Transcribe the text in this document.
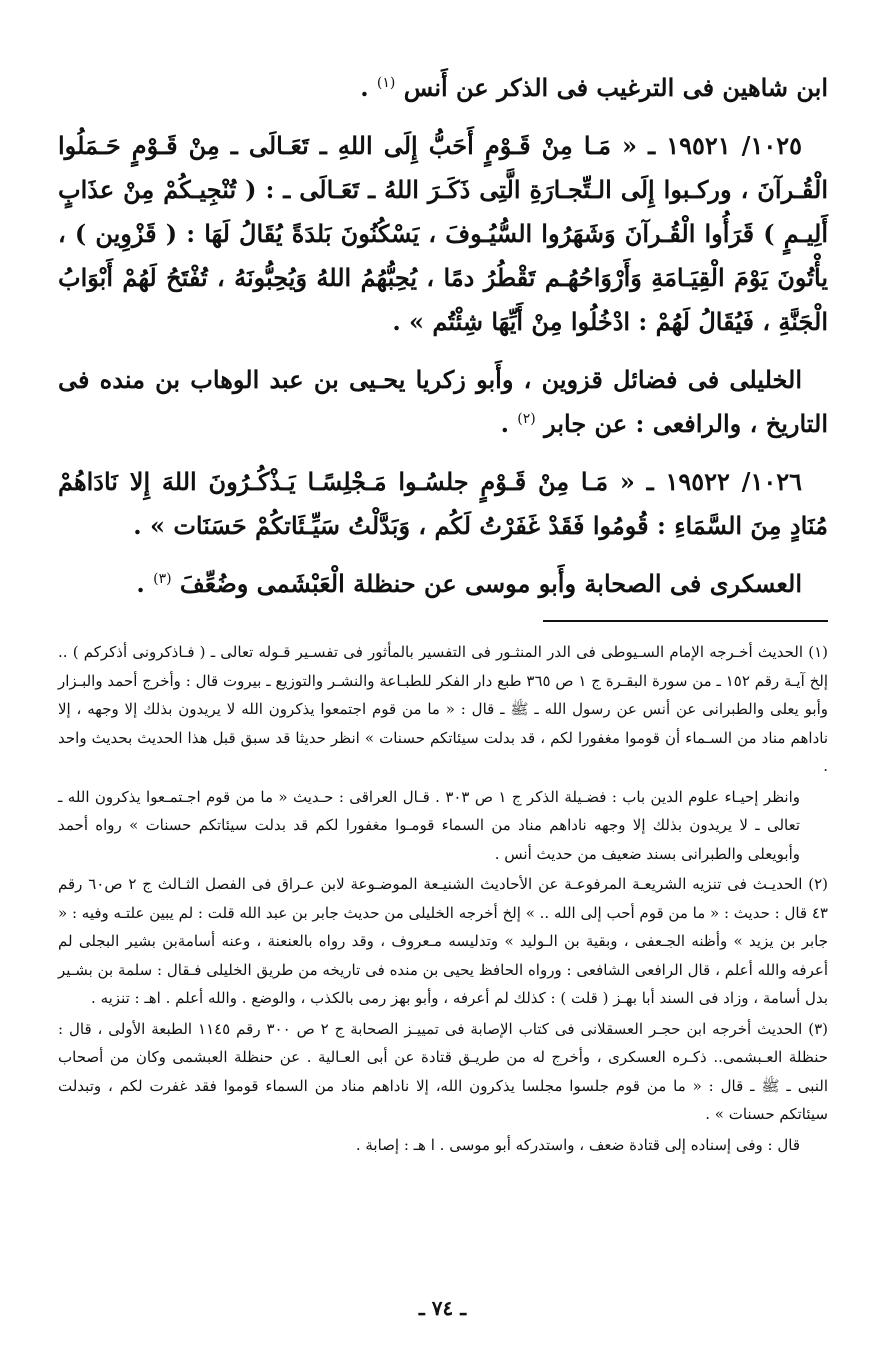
ابن شاهين فى الترغيب فى الذكر عن أَنس $^{(١)}$ .

١٠٢٥/ ١٩٥٢١ ـ « مَـا مِنْ قَـوْمٍ أَحَبُّ إِلَى اللهِ ـ تَعَـالَى ـ مِنْ قَـوْمٍ حَـمَلُوا الْقُـرآنَ ، وركـبوا إِلَى الـتِّجـارَةِ الَّتِى ذَكَـرَ اللهُ ـ تَعَـالَى ـ : ( تُنْجِيـكُمْ مِنْ عذَابٍ أَلِيـمٍ ) قَرَأُوا الْقُـرآنَ وَشَهَرُوا السُّيُـوفَ ، يَسْكُنُونَ بَلدَةً يُقَالُ لَهَا : ( قَزْوِين ) ، يأْتُونَ يَوْمَ الْقِيَـامَةِ وَأَرْوَاحُهُـم تَقْطُرُ دمًا ، يُحِبُّهُمُ اللهُ وَيُحِبُّونَهُ ، تُفْتَحُ لَهُمْ أَبْوَابُ الْجَنَّةِ ، فَيُقَالُ لَهُمْ : ادْخُلُوا مِنْ أَيِّهَا شِئْتُم » .

الخليلى فى فضائل قزوين ، وأَبو زكريا يحـيى بن عبد الوهاب بن منده فى التاريخ ، والرافعى : عن جابر $^{(٢)}$ .

١٠٢٦/ ١٩٥٢٢ ـ « مَـا مِنْ قَـوْمٍ جلسُـوا مَـجْلِسًـا يَـذْكُـرُونَ اللهَ إِلا نَادَاهُمْ مُنَادٍ مِنَ السَّمَاءِ : قُومُوا فَقَدْ غَفَرْتُ لَكُم ، وَبَدَّلْتُ سَيِّـئَاتكُمْ حَسَنَات » .

العسكرى فى الصحابة وأَبو موسى عن حنظلة الْعَبْشَمى وضُعِّفَ $^{(٣)}$ .

(١) الحديث أخـرجه الإمام السـيوطى فى الدر المنثـور فى التفسير بالمأثور فى تفسـير قـوله تعالى ـ ( فـاذكرونى أذكركم ) .. إلخ آيـة رقم ١٥٢ ـ من سورة البقـرة ج ١ ص ٣٦٥ طبع دار الفكر للطبـاعة والنشـر والتوزيع ـ بيروت قال : وأخرج أحمد والبـزار وأبو يعلى والطبرانى عن أنس عن رسول الله ـ ﷺ ـ قال : « ما من قوم اجتمعوا يذكرون الله لا يريدون بذلك إلا وجهه ، إلا ناداهم مناد من السـماء أن قوموا مغفورا لكم ، قد بدلت سيئاتكم حسنات » انظر حديثا قد سبق قبل هذا الحديث بحديث واحد .

وانظر إحيـاء علوم الدين باب : فضـيلة الذكر ج ١ ص ٣٠٣ . قـال العراقى : حـديث « ما من قوم اجـتمـعوا يذكرون الله ـ تعالى ـ لا يريدون بذلك إلا وجهه ناداهم مناد من السماء قومـوا مغفورا لكم قد بدلت سيئاتكم حسنات » رواه أحمد وأبويعلى والطبرانى بسند ضعيف من حديث أنس .

(٢) الحديـث فى تنزيه الشريعـة المرفوعـة عن الأحاديث الشنيـعة الموضـوعة لابن عـراق فى الفصل الثـالث ج ٢ ص٦٠ رقم ٤٣ قال : حديث : « ما من قوم أحب إلى الله .. » إلخ أخرجه الخليلى من حديث جابر بن عبد الله قلت : لم يبين علتـه وفيه : « جابر بن يزيد » وأظنه الجـعفى ، وبقية بن الـوليد » وتدليسه مـعروف ، وقد رواه بالعنعنة ، وعنه أسامةبن بشير البجلى لم أعرفه والله أعلم ، قال الرافعى الشافعى : ورواه الحافظ يحيى بن منده فى تاريخه من طريق الخليلى فـقال : سلمة بن بشـير بدل أسامة ، وزاد فى السند أبا بهـز ( قلت ) : كذلك لم أعرفه ، وأبو بهز رمى بالكذب ، والوضع . والله أعلم . اهـ : تنزيه .

(٣) الحديث أخرجه ابن حجـر العسقلانى فى كتاب الإصابة فى تمييـز الصحابة ج ٢ ص ٣٠٠ رقم ١١٤٥ الطبعة الأولى ، قال : حنظلة العـبشمى.. ذكـره العسكرى ، وأخرج له من طريـق قتادة عن أبى العـالية . عن حنظلة العبشمى وكان من أصحاب النبى ـ ﷺ ـ قال : « ما من قوم جلسوا مجلسا يذكرون الله، إلا ناداهم مناد من السماء قوموا فقد غفرت لكم ، وتبدلت سيئاتكم حسنات » .

قال : وفى إسناده إلى قتادة ضعف ، واستدركه أبو موسى . ا هـ : إصابة .

ـ ٧٤ ـ
